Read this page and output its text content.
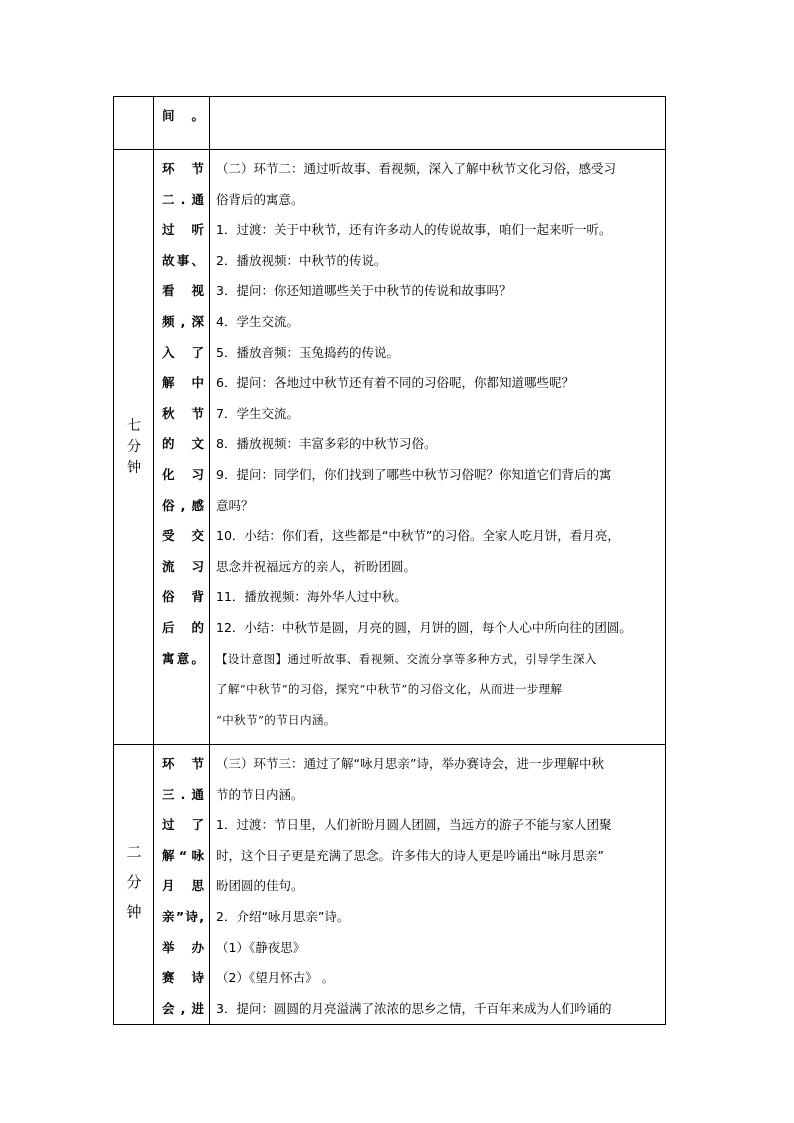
间。
七
分
钟
环节
二.通
过听
故事、
看视
频,深
入了
解中
秋节
的文
化习
俗,感
受交
流习
俗背
后的
寓意。
（二）环节二：通过听故事、看视频，深入了解中秋节文化习俗，感受习
俗背后的寓意。
1．过渡：关于中秋节，还有许多动人的传说故事，咱们一起来听一听。
2．播放视频：中秋节的传说。
3．提问：你还知道哪些关于中秋节的传说和故事吗？
4．学生交流。
5．播放音频：玉兔捣药的传说。
6．提问：各地过中秋节还有着不同的习俗呢，你都知道哪些呢？
7．学生交流。
8．播放视频：丰富多彩的中秋节习俗。
9．提问：同学们，你们找到了哪些中秋节习俗呢？你知道它们背后的寓
意吗？
10．小结：你们看，这些都是“中秋节”的习俗。全家人吃月饼，看月亮，
思念并祝福远方的亲人，祈盼团圆。
11．播放视频：海外华人过中秋。
12．小结：中秋节是圆，月亮的圆，月饼的圆，每个人心中所向往的团圆。
【设计意图】通过听故事、看视频、交流分享等多种方式，引导学生深入
了解“中秋节”的习俗，探究“中秋节”的习俗文化，从而进一步理解
“中秋节”的节日内涵。
二
分
钟
环 节
三.通
过 了
解“咏
月 思
亲”诗,
举 办
赛 诗
会,进
（三）环节三：通过了解“咏月思亲”诗，举办赛诗会，进一步理解中秋
节的节日内涵。
1．过渡：节日里，人们祈盼月圆人团圆，当远方的游子不能与家人团聚
时，这个日子更是充满了思念。许多伟大的诗人更是吟诵出“咏月思亲”
盼团圆的佳句。
2．介绍“咏月思亲”诗。
（1）《静夜思》
（2）《望月怀古》 。
3．提问：圆圆的月亮溢满了浓浓的思乡之情，千百年来成为人们吟诵的
